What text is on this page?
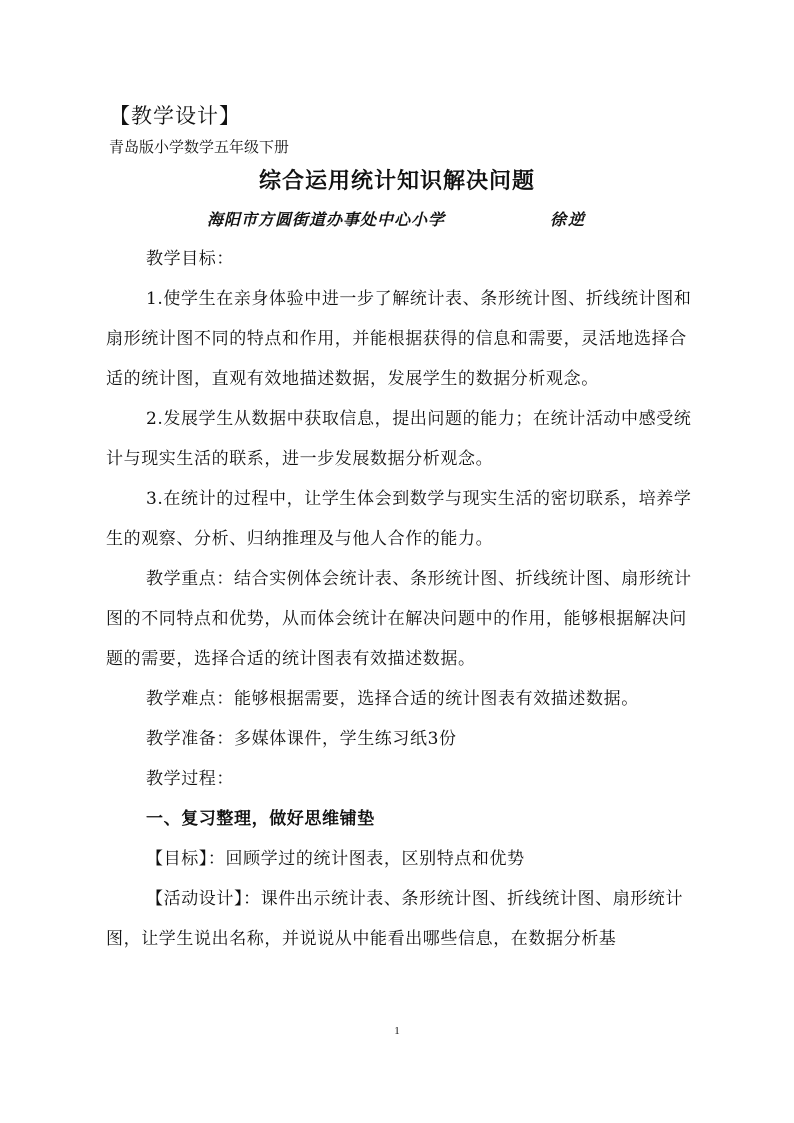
【教学设计】
青岛版小学数学五年级下册
综合运用统计知识解决问题
海阳市方圆街道办事处中心小学	徐逆

教学目标：

1.使学生在亲身体验中进一步了解统计表、条形统计图、折线统计图和扇形统计图不同的特点和作用，并能根据获得的信息和需要，灵活地选择合适的统计图，直观有效地描述数据，发展学生的数据分析观念。

2.发展学生从数据中获取信息，提出问题的能力；在统计活动中感受统计与现实生活的联系，进一步发展数据分析观念。

3.在统计的过程中，让学生体会到数学与现实生活的密切联系，培养学生的观察、分析、归纳推理及与他人合作的能力。

教学重点：结合实例体会统计表、条形统计图、折线统计图、扇形统计图的不同特点和优势，从而体会统计在解决问题中的作用，能够根据解决问题的需要，选择合适的统计图表有效描述数据。

教学难点：能够根据需要，选择合适的统计图表有效描述数据。

教学准备：多媒体课件，学生练习纸3份

教学过程：

一、复习整理，做好思维铺垫

【目标】：回顾学过的统计图表，区别特点和优势

【活动设计】：课件出示统计表、条形统计图、折线统计图、扇形统计图，让学生说出名称，并说说从中能看出哪些信息，在数据分析基

1
